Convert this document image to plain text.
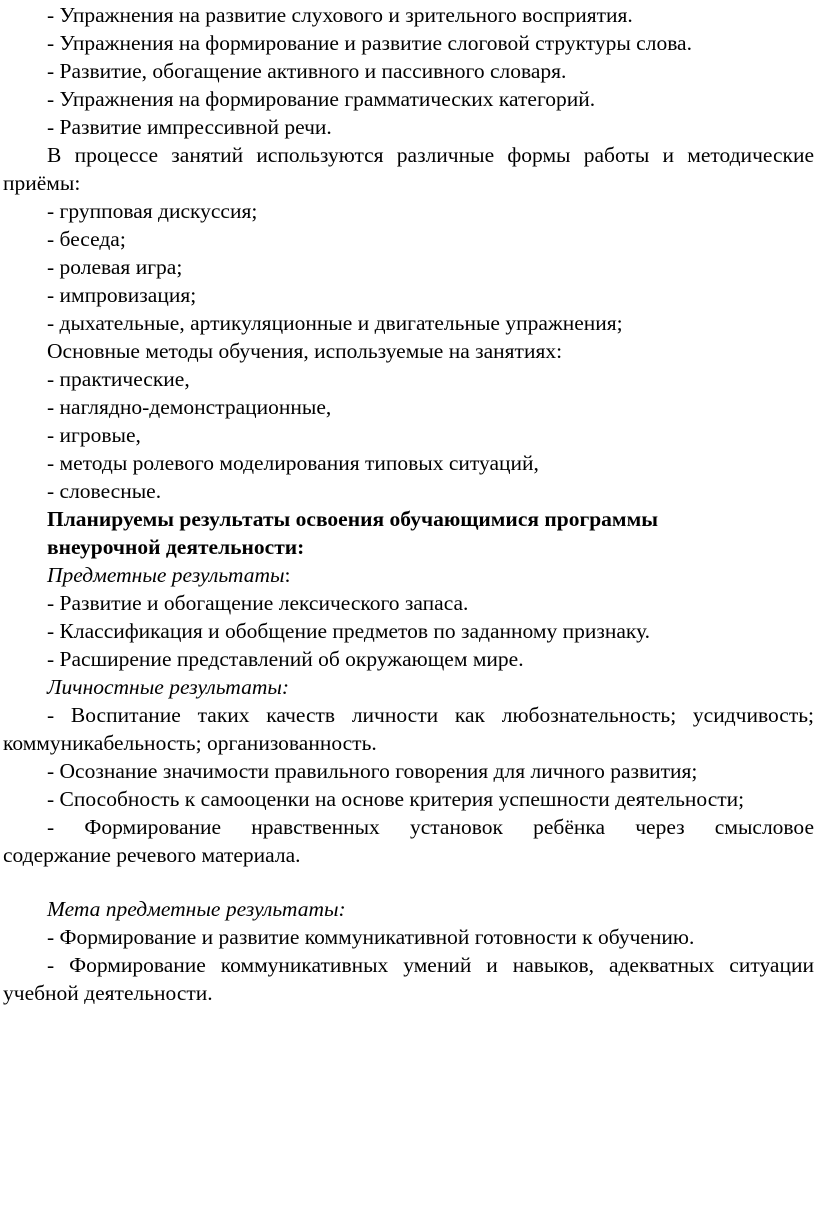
- Упражнения на развитие слухового и зрительного восприятия.
- Упражнения на формирование и развитие слоговой структуры слова.
- Развитие, обогащение активного и пассивного словаря.
- Упражнения на формирование грамматических категорий.
- Развитие импрессивной речи.
В процессе занятий используются различные формы работы и методические
приёмы:
- групповая дискуссия;
- беседа;
- ролевая игра;
- импровизация;
- дыхательные, артикуляционные и двигательные упражнения;
Основные методы обучения, используемые на занятиях:
- практические,
- наглядно-демонстрационные,
- игровые,
- методы ролевого моделирования типовых ситуаций,
- словесные.
Планируемы результаты освоения обучающимися программы
внеурочной деятельности:
Предметные результаты:
- Развитие и обогащение лексического запаса.
- Классификация и обобщение предметов по заданному признаку.
- Расширение представлений об окружающем мире.
Личностные результаты:
- Воспитание таких качеств личности как любознательность; усидчивость;
коммуникабельность; организованность.
- Осознание значимости правильного говорения для личного развития;
- Способность к самооценки на основе критерия успешности деятельности;
- Формирование нравственных установок ребёнка через смысловое
содержание речевого материала.
Мета предметные результаты:
- Формирование и развитие коммуникативной готовности к обучению.
- Формирование коммуникативных умений и навыков, адекватных ситуации
учебной деятельности.
